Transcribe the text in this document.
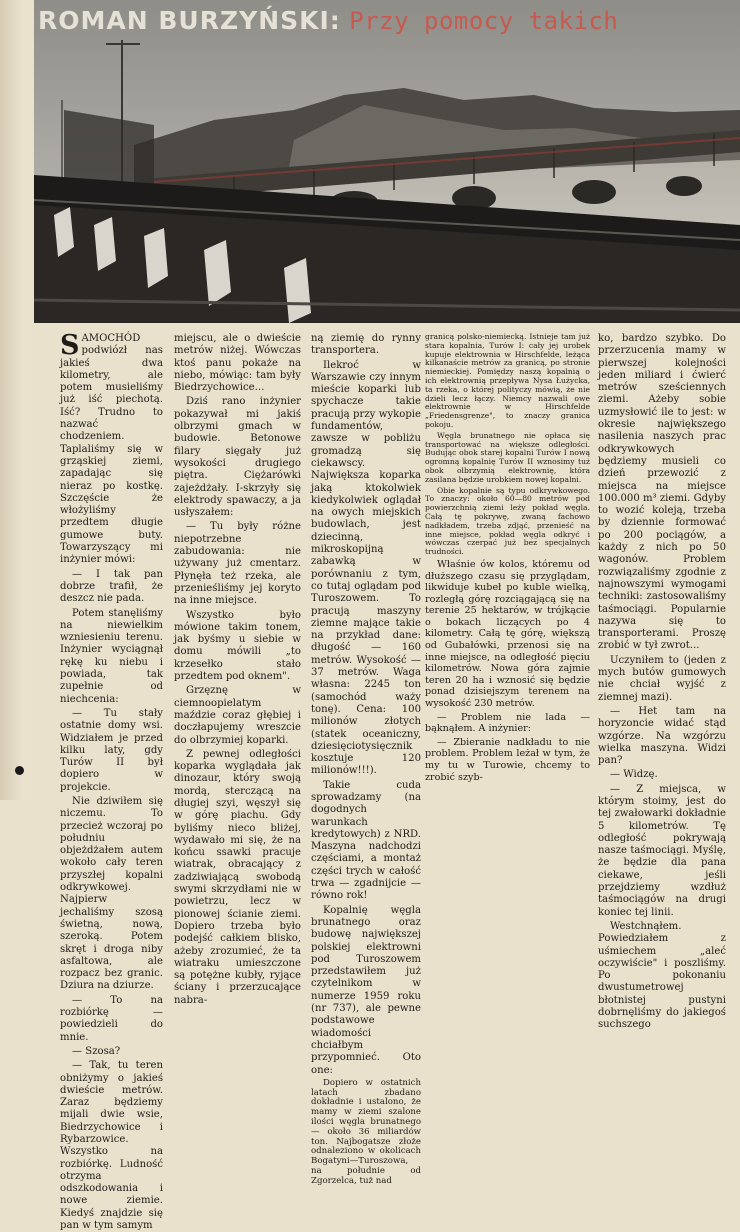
ROMAN BURZYŃSKI: Przy pomocy takich

SAMOCHÓD podwiózł nas jakieś dwa kilometry, ale potem musieliśmy już iść piechotą. Iść? Trudno to nazwać chodzeniem. Taplaliśmy się w grząskiej ziemi, zapadając się nieraz po kostkę. Szczęście że włożyliśmy przedtem długie gumowe buty. Towarzyszący mi inżynier mówi:

— I tak pan dobrze trafił, że deszcz nie pada.

Potem stanęliśmy na niewielkim wzniesieniu terenu. Inżynier wyciągnął rękę ku niebu i powiada, tak zupełnie od niechcenia:

— Tu stały ostatnie domy wsi. Widziałem je przed kilku laty, gdy Turów II był dopiero w projekcie.

Nie dziwiłem się niczemu. To przecież wczoraj po południu objeżdżałem autem wokoło cały teren przyszłej kopalni odkrywkowej. Najpierw jechaliśmy szosą świetną, nową, szeroką. Potem skręt i droga niby asfaltowa, ale rozpacz bez granic. Dziura na dziurze.

— To na rozbiórkę — powiedzieli do mnie.

— Szosa?

— Tak, tu teren obniżymy o jakieś dwieście metrów. Zaraz będziemy mijali dwie wsie, Biedrzychowice i Rybarzowice. Wszystko na rozbiórkę. Ludność otrzyma odszkodowania i nowe ziemie. Kiedyś znajdzie się pan w tym samym

miejscu, ale o dwieście metrów niżej. Wówczas ktoś panu pokaże na niebo, mówiąc: tam były Biedrzychowice...

Dziś rano inżynier pokazywał mi jakiś olbrzymi gmach w budowie. Betonowe filary sięgały już wysokości drugiego piętra. Ciężarówki zajeżdżały. I-skrzyły się elektrody spawaczy, a ja usłyszałem:

— Tu były różne niepotrzebne zabudowania: nie używany już cmentarz. Płynęła też rzeka, ale przenieśliśmy jej koryto na inne miejsce.

Wszystko było mówione takim tonem, jak byśmy u siebie w domu mówili „to krzesełko stało przedtem pod oknem".

Grzęznę w ciemnoopielatym maździe coraz głębiej i doczłapujemy wreszcie do olbrzymiej koparki.

Z pewnej odległości koparka wyglądała jak dinozaur, który swoją mordą, sterczącą na długiej szyi, węszył się w górę piachu. Gdy byliśmy nieco bliżej, wydawało mi się, że na końcu ssawki pracuje wiatrak, obracający z zadziwiającą swobodą swymi skrzydłami nie w powietrzu, lecz w pionowej ścianie ziemi. Dopiero trzeba było podejść całkiem blisko, ażeby zrozumieć, że ta wiatraku umieszczone są potężne kubły, ryjące ściany i przerzucające nabra-

ną ziemię do rynny transportera.

Ilekroć w Warszawie czy innym mieście koparki lub spychacze takie pracują przy wykopie fundamentów, zawsze w pobliżu gromadzą się ciekawscy. Największa koparka jaką ktokolwiek kiedykolwiek oglądał na owych miejskich budowlach, jest dziecinną, mikroskopijną zabawką w porównaniu z tym, co tutaj oglądam pod Turoszowem. To pracują maszyny ziemne mające takie na przykład dane: długość — 160 metrów. Wysokość — 37 metrów. Waga własna: 2245 ton (samochód waży tonę). Cena: 100 milionów złotych (statek oceaniczny, dziesięciotysięcznik kosztuje 120 milionów!!!).

Takie cuda sprowadzamy (na dogodnych warunkach kredytowych) z NRD. Maszyna nadchodzi częściami, a montaż części trych w całość trwa — zgadnijcie — równo rok!

Kopalnię węgla brunatnego oraz budowę największej polskiej elektrowni pod Turoszowem przedstawiłem już czytelnikom w numerze 1959 roku (nr 737), ale pewne podstawowe wiadomości chciałbym przypomnieć. Oto one:

Dopiero w ostatnich latach zbadano dokładnie i ustalono, że mamy w ziemi szalone ilości węgla brunatnego — około 36 miliardów ton. Najbogatsze złoże odnaleziono w okolicach Bogatyni—Turoszowa, na południe od Zgorzelca, tuż nad

granicą polsko-niemiecką. Istnieje tam już stara kopalnia, Turów I: cały jej urobek kupuje elektrownia w Hirschfelde, leżąca kilkanaście metrów za granicą, po stronie niemieckiej. Pomiędzy naszą kopalnią o ich elektrownią przepływa Nysa Łużycka, ta rzeka, o której polityczy mówią, że nie dzieli lecz łączy. Niemcy nazwali owe elektrownie w Hirschfelde „Friedensgrenze", to znaczy granica pokoju.

Węgla brunatnego nie opłaca się transportować na większe odległości. Budując obok starej kopalni Turów I nową ogromną kopalnię Turów II wznosimy tuż obok olbrzymią elektrownię, która zasilana będzie urobkiem nowej kopalni.

Obie kopalnie są typu odkrywkowego. To znaczy: około 60—80 metrów pod powierzchnią ziemi leży pokład węgla. Całą tę pokrywę, zwaną fachowo nadkładem, trzeba zdjąć, przenieść na inne miejsce, pokład węgla odkryć i wówczas czerpać już bez specjalnych trudności.

Właśnie ów kolos, któremu od dłuższego czasu się przyglądam, likwiduje kubeł po kuble wielką, rozległą górę rozciągającą się na terenie 25 hektarów, w trójkącie o bokach liczących po 4 kilometry. Całą tę górę, większą od Gubałówki, przenosi się na inne miejsce, na odległość pięciu kilometrów. Nowa góra zajmie teren 20 ha i wznosić się będzie ponad dzisiejszym terenem na wysokość 230 metrów.

— Problem nie lada — bąknąłem. A inżynier:

— Zbieranie nadkładu to nie problem. Problem leżał w tym, że my tu w Turowie, chcemy to zrobić szyb-

ko, bardzo szybko. Do przerzucenia mamy w pierwszej kolejności jeden miliard i ćwierć metrów sześciennych ziemi. Ażeby sobie uzmysłowić ile to jest: w okresie największego nasilenia naszych prac odkrywkowych będziemy musieli co dzień przewozić z miejsca na miejsce 100.000 m³ ziemi. Gdyby to wozić koleją, trzeba by dziennie formować po 200 pociągów, a każdy z nich po 50 wagonów. Problem rozwiązaliśmy zgodnie z najnowszymi wymogami techniki: zastosowaliśmy taśmociągi. Popularnie nazywa się to transporterami. Proszę zrobić w tył zwrot...

Uczyniłem to (jeden z mych butów gumowych nie chciał wyjść z ziemnej mazi).

— Het tam na horyzoncie widać stąd wzgórze. Na wzgórzu wielka maszyna. Widzi pan?

— Widzę.

— Z miejsca, w którym stoimy, jest do tej zwałowarki dokładnie 5 kilometrów. Tę odległość pokrywają nasze taśmociągi. Myślę, że będzie dla pana ciekawe, jeśli przejdziemy wzdłuż taśmociągów na drugi koniec tej linii.

Westchnąłem. Powiedziałem z uśmiechem „aleć oczywiście" i poszliśmy. Po pokonaniu dwustumetrowej błotnistej pustyni dobrnęliśmy do jakiegoś suchszego
